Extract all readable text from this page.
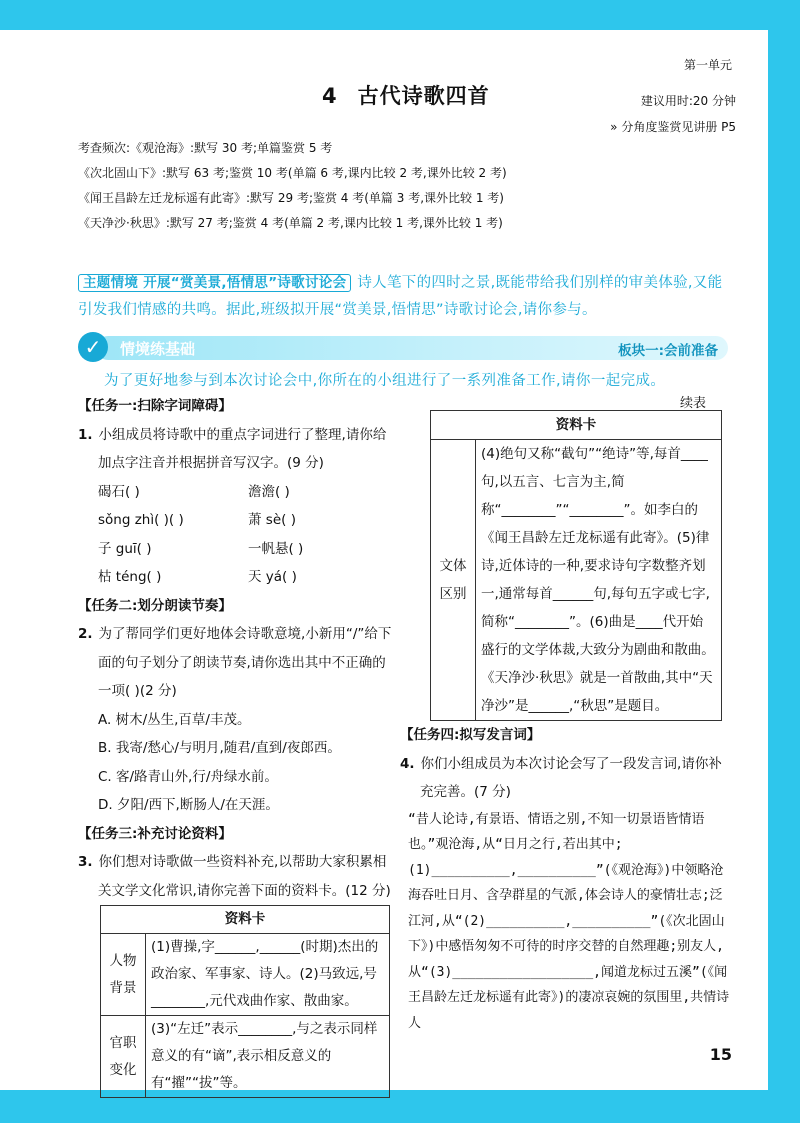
第一单元
4 古代诗歌四首	建议用时:20 分钟
» 分角度鉴赏见讲册 P5
考查频次:《观沧海》:默写 30 考;单篇鉴赏 5 考
《次北固山下》:默写 63 考;鉴赏 10 考(单篇 6 考,课内比较 2 考,课外比较 2 考)
《闻王昌龄左迁龙标遥有此寄》:默写 29 考;鉴赏 4 考(单篇 3 考,课外比较 1 考)
《天净沙·秋思》:默写 27 考;鉴赏 4 考(单篇 2 考,课内比较 1 考,课外比较 1 考)
主题情境 开展“赏美景,悟情思”诗歌讨论会 诗人笔下的四时之景,既能带给我们别样的审美体验,又能引发我们情感的共鸣。据此,班级拟开展“赏美景,悟情思”诗歌讨论会,请你参与。
✓	情境练基础	板块一:会前准备
为了更好地参与到本次讨论会中,你所在的小组进行了一系列准备工作,请你一起完成。
【任务一:扫除字词障碍】
1. 小组成员将诗歌中的重点字词进行了整理,请你给加点字注音并根据拼音写汉字。(9 分)
碣石( )	澹澹( )
sǒng zhì( )( )	萧 sè( )
子 guī( )	一帆悬( )
枯 téng( )	天 yá( )
【任务二:划分朗读节奏】
2. 为了帮同学们更好地体会诗歌意境,小新用“/”给下面的句子划分了朗读节奏,请你选出其中不正确的一项( )(2 分)
A. 树木/丛生,百草/丰茂。
B. 我寄/愁心/与明月,随君/直到/夜郎西。
C. 客/路青山外,行/舟绿水前。
D. 夕阳/西下,断肠人/在天涯。
【任务三:补充讨论资料】
3. 你们想对诗歌做一些资料补充,以帮助大家积累相关文学文化常识,请你完善下面的资料卡。(12 分)
资料卡	
人物背景	(1)曹操,字______,______(时期)杰出的政治家、军事家、诗人。(2)马致远,号________,元代戏曲作家、散曲家。
官职变化	(3)“左迁”表示________,与之表示同样意义的有“谪”,表示相反意义的有“擢”“拔”等。
续表
资料卡
文体区别	(4)绝句又称“截句”“绝诗”等,每首____句,以五言、七言为主,简称“________”“________”。如李白的《闻王昌龄左迁龙标遥有此寄》。(5)律诗,近体诗的一种,要求诗句字数整齐划一,通常每首______句,每句五字或七字,简称“________”。(6)曲是____代开始盛行的文学体裁,大致分为剧曲和散曲。《天净沙·秋思》就是一首散曲,其中“天净沙”是______,“秋思”是题目。
【任务四:拟写发言词】
4. 你们小组成员为本次讨论会写了一段发言词,请你补充完善。(7 分)
“昔人论诗,有景语、情语之别,不知一切景语皆情语也。”观沧海,从“日月之行,若出其中;(1)__________,__________”(《观沧海》)中领略沧海吞吐日月、含孕群星的气派,体会诗人的豪情壮志;泛江河,从“(2)__________,__________”(《次北固山下》)中感悟匆匆不可待的时序交替的自然理趣;别友人,从“(3)__________________,闻道龙标过五溪”(《闻王昌龄左迁龙标遥有此寄》)的凄凉哀婉的氛围里,共情诗人
15
